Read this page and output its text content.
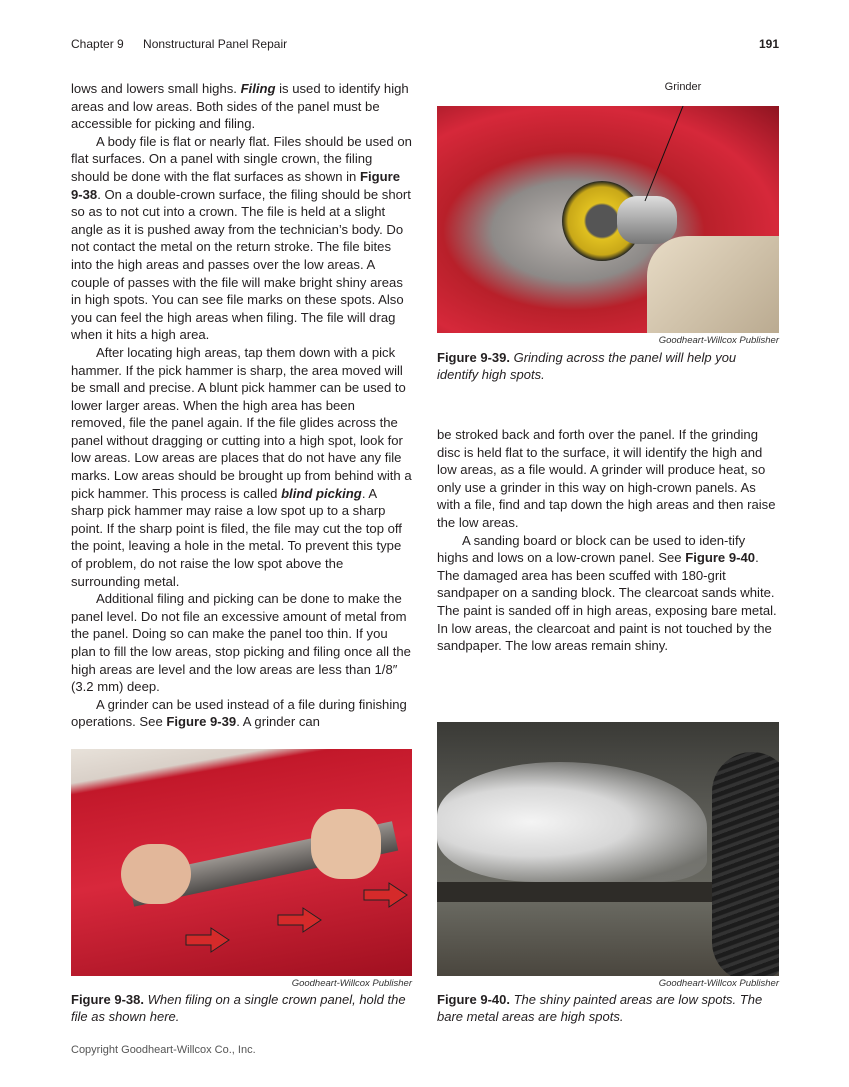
Chapter 9 Nonstructural Panel Repair	191

lows and lowers small highs. Filing is used to identify high areas and low areas. Both sides of the panel must be accessible for picking and filing.

A body file is flat or nearly flat. Files should be used on flat surfaces. On a panel with single crown, the filing should be done with the flat surfaces as shown in Figure 9-38. On a double-crown surface, the filing should be short so as to not cut into a crown. The file is held at a slight angle as it is pushed away from the technician’s body. Do not contact the metal on the return stroke. The file bites into the high areas and passes over the low areas. A couple of passes with the file will make bright shiny areas in high spots. You can see file marks on these spots. Also you can feel the high areas when filing. The file will drag when it hits a high area.

After locating high areas, tap them down with a pick hammer. If the pick hammer is sharp, the area moved will be small and precise. A blunt pick hammer can be used to lower larger areas. When the high area has been removed, file the panel again. If the file glides across the panel without dragging or cutting into a high spot, look for low areas. Low areas are places that do not have any file marks. Low areas should be brought up from behind with a pick hammer. This process is called blind picking. A sharp pick hammer may raise a low spot up to a sharp point. If the sharp point is filed, the file may cut the top off the point, leaving a hole in the metal. To prevent this type of problem, do not raise the low spot above the surrounding metal.

Additional filing and picking can be done to make the panel level. Do not file an excessive amount of metal from the panel. Doing so can make the panel too thin. If you plan to fill the low areas, stop picking and filing once all the high areas are level and the low areas are less than 1/8″ (3.2 mm) deep.

A grinder can be used instead of a file during finishing operations. See Figure 9-39. A grinder can

Grinder
Goodheart-Willcox Publisher
Figure 9-39. Grinding across the panel will help you identify high spots.

be stroked back and forth over the panel. If the grinding disc is held flat to the surface, it will identify the high and low areas, as a file would. A grinder will produce heat, so only use a grinder in this way on high-crown panels. As with a file, find and tap down the high areas and then raise the low areas.

A sanding board or block can be used to iden-tify highs and lows on a low-crown panel. See Figure 9-40. The damaged area has been scuffed with 180-grit sandpaper on a sanding block. The clearcoat sands white. The paint is sanded off in high areas, exposing bare metal. In low areas, the clearcoat and paint is not touched by the sandpaper. The low areas remain shiny.

Goodheart-Willcox Publisher
Figure 9-38. When filing on a single crown panel, hold the file as shown here.
Goodheart-Willcox Publisher
Figure 9-40. The shiny painted areas are low spots. The bare metal areas are high spots.
Copyright Goodheart-Willcox Co., Inc.
